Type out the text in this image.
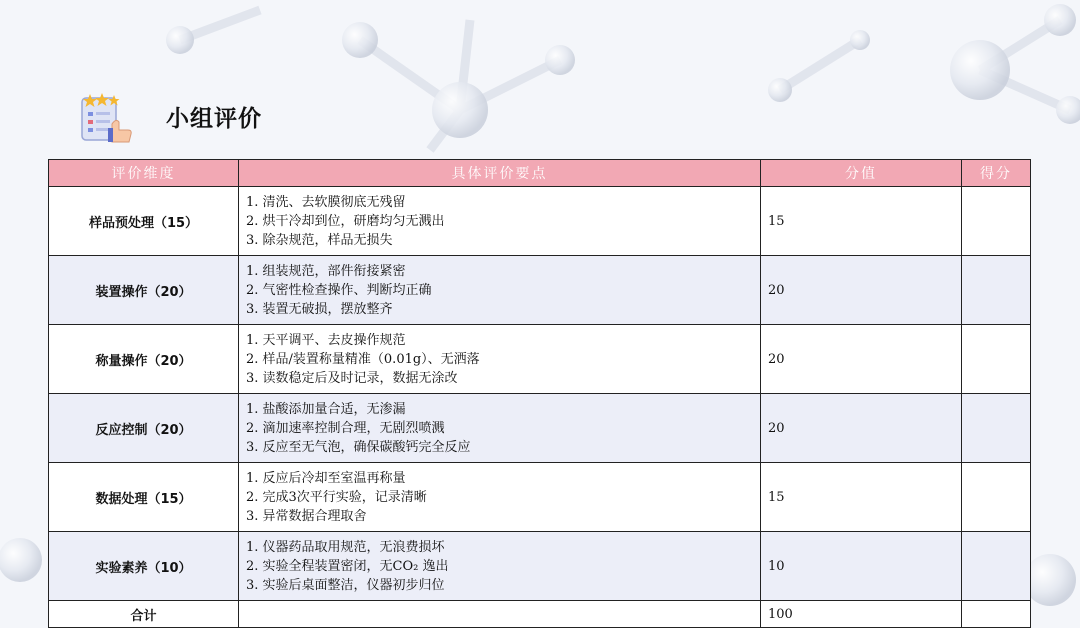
小组评价
评价维度	具体评价要点	分值	得分
样品预处理（15）	1. 清洗、去软膜彻底无残留
2. 烘干冷却到位，研磨均匀无溅出
3. 除杂规范，样品无损失	15	
装置操作（20）	1. 组装规范，部件衔接紧密
2. 气密性检查操作、判断均正确
3. 装置无破损，摆放整齐	20	
称量操作（20）	1. 天平调平、去皮操作规范
2. 样品/装置称量精准（0.01g）、无洒落
3. 读数稳定后及时记录，数据无涂改	20	
反应控制（20）	1. 盐酸添加量合适，无渗漏
2. 滴加速率控制合理，无剧烈喷溅
3. 反应至无气泡，确保碳酸钙完全反应	20	
数据处理（15）	1. 反应后冷却至室温再称量
2. 完成3次平行实验，记录清晰
3. 异常数据合理取舍	15	
实验素养（10）	1. 仪器药品取用规范，无浪费损坏
2. 实验全程装置密闭，无CO₂ 逸出
3. 实验后桌面整洁，仪器初步归位	10	
合计		100	
